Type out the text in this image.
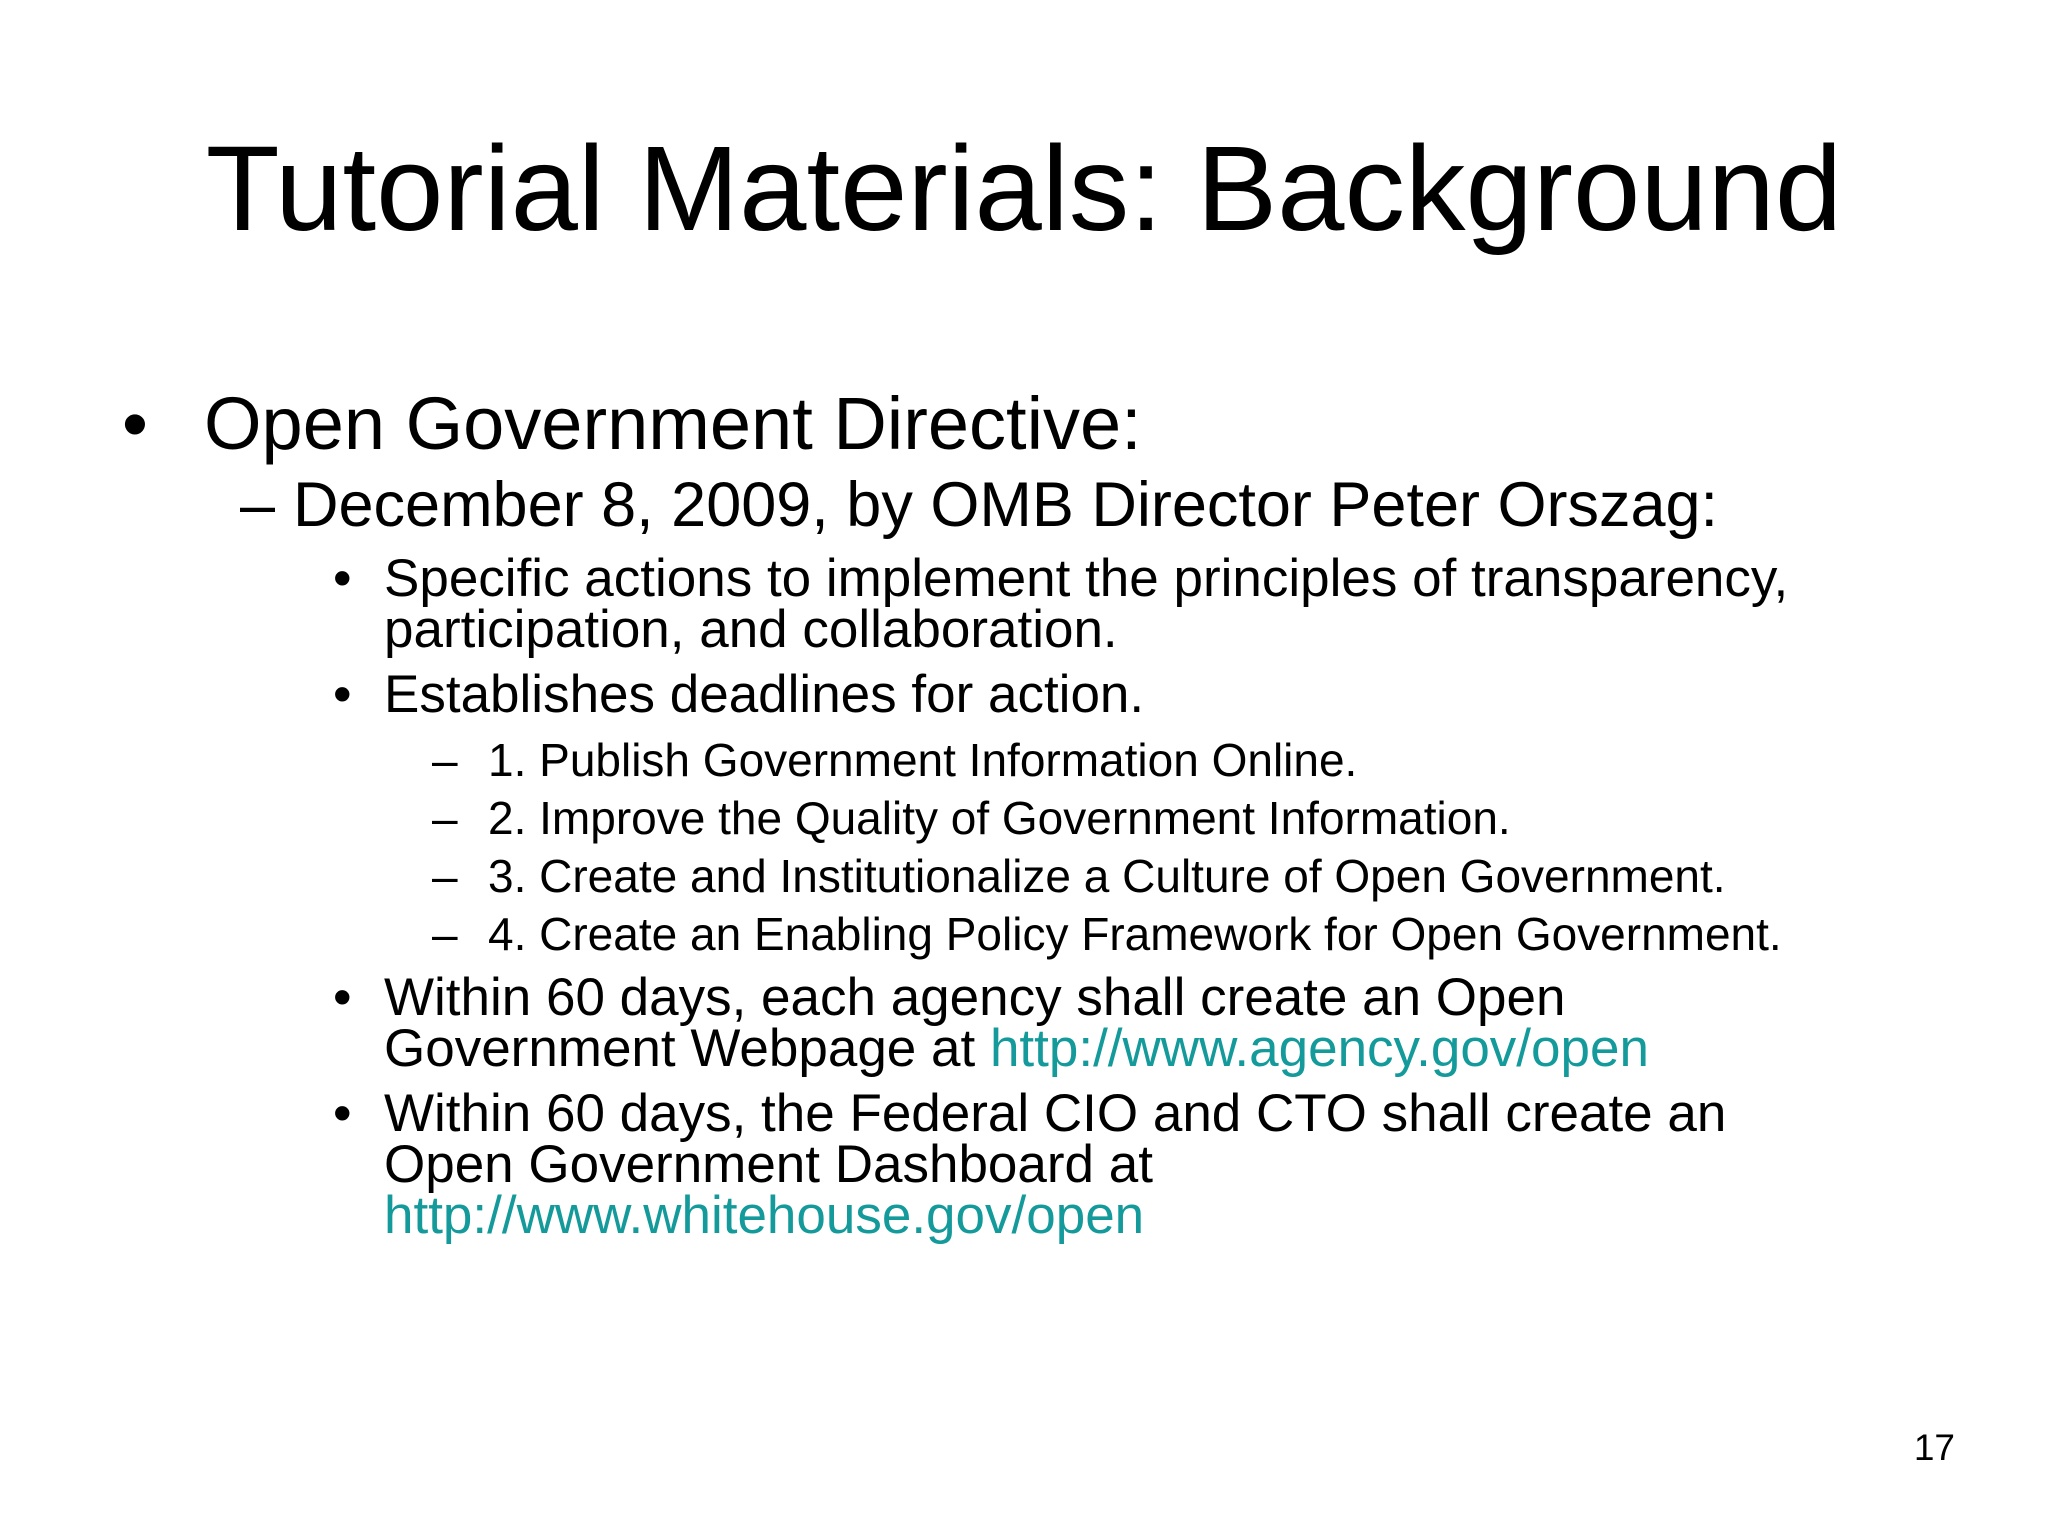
Tutorial Materials: Background
• Open Government Directive:
– December 8, 2009, by OMB Director Peter Orszag:
• Specific actions to implement the principles of transparency,
participation, and collaboration.
• Establishes deadlines for action.
– 1. Publish Government Information Online.
– 2. Improve the Quality of Government Information.
– 3. Create and Institutionalize a Culture of Open Government.
– 4. Create an Enabling Policy Framework for Open Government.
• Within 60 days, each agency shall create an Open
Government Webpage at http://www.agency.gov/open
• Within 60 days, the Federal CIO and CTO shall create an
Open Government Dashboard at
http://www.whitehouse.gov/open
17
